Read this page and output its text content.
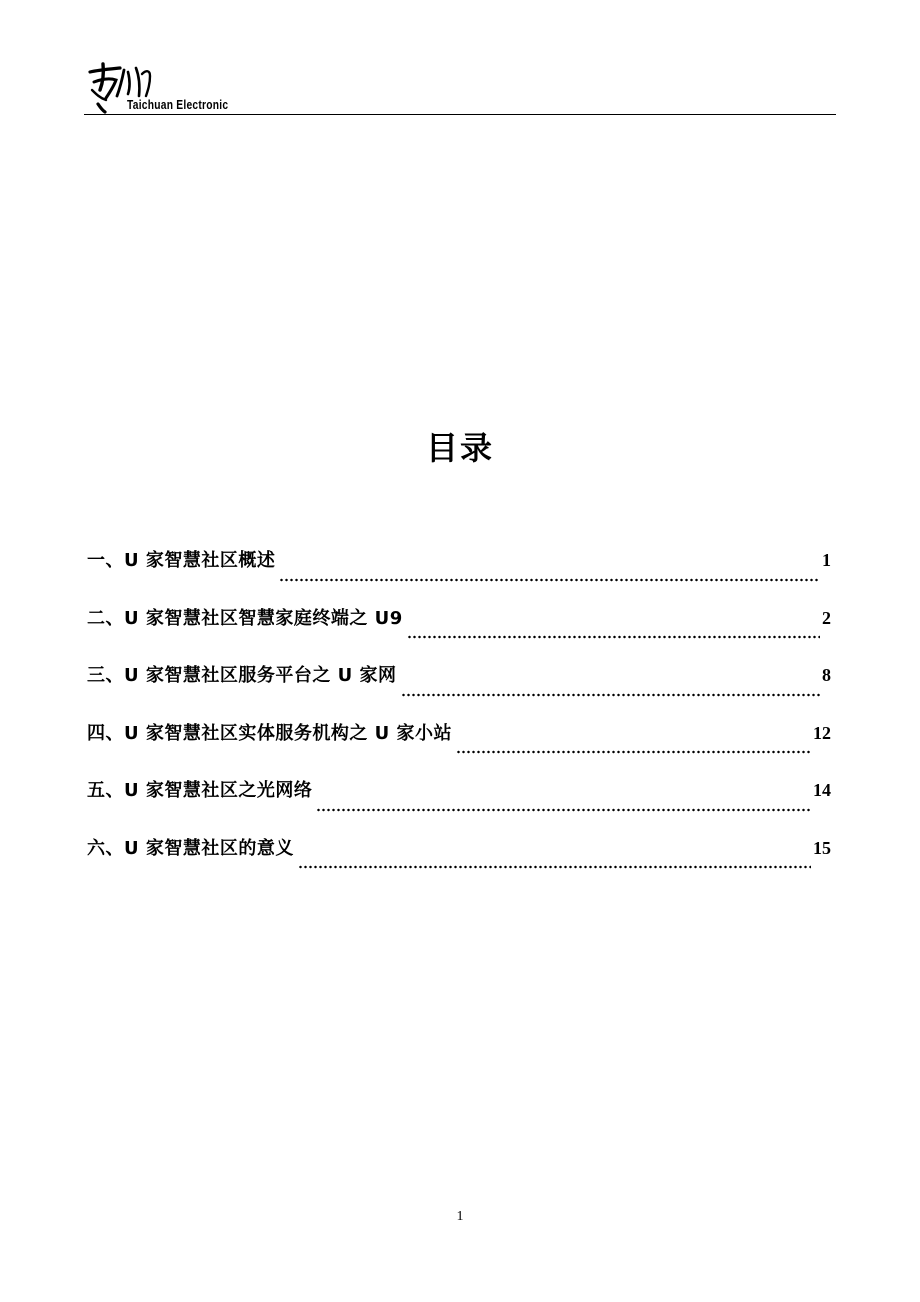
Taichuan Electronic
目录
一、U 家智慧社区概述	1
二、U 家智慧社区智慧家庭终端之 U9	2
三、U 家智慧社区服务平台之 U 家网	8
四、U 家智慧社区实体服务机构之 U 家小站	12
五、U 家智慧社区之光网络	14
六、U 家智慧社区的意义	15
1
